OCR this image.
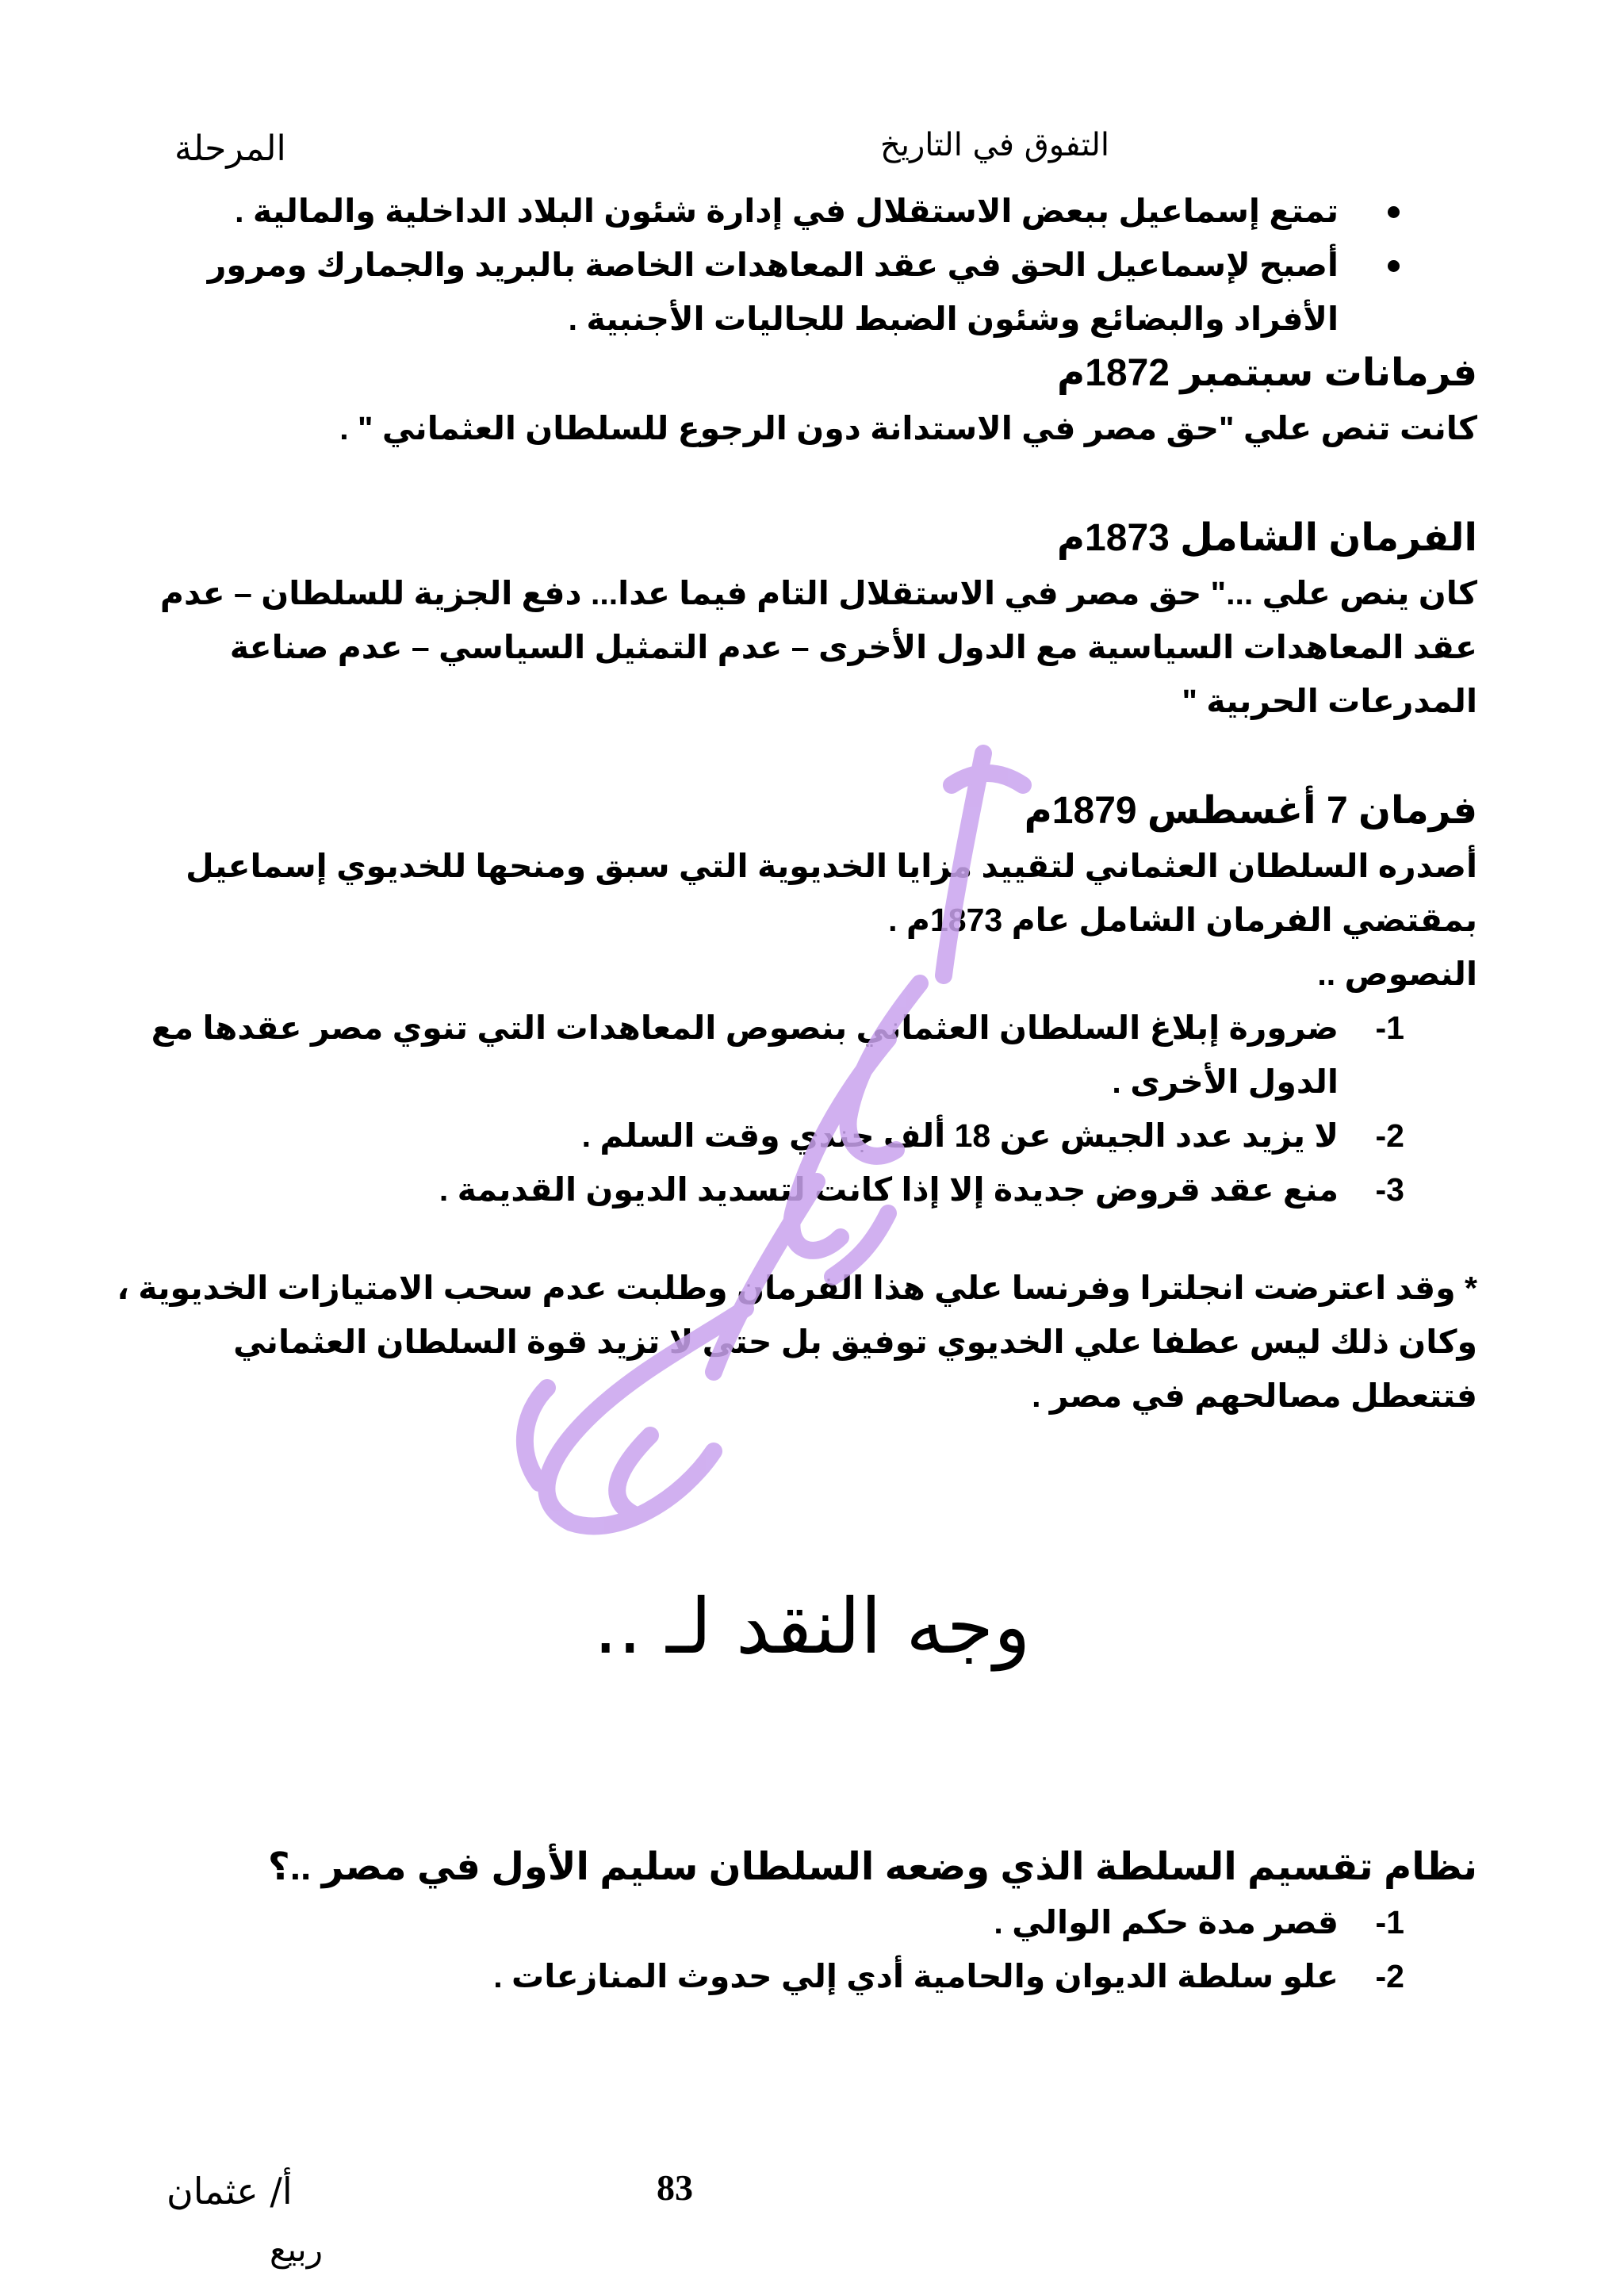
المرحلة	التفوق في التاريخ
تمتع إسماعيل ببعض الاستقلال في إدارة شئون البلاد الداخلية والمالية .
أصبح لإسماعيل الحق في عقد المعاهدات الخاصة بالبريد والجمارك ومرور الأفراد والبضائع وشئون الضبط للجاليات الأجنبية .

فرمانات سبتمبر 1872م

كانت تنص علي "حق مصر في الاستدانة دون الرجوع للسلطان العثماني " .

الفرمان الشامل 1873م

كان ينص علي ..." حق مصر في الاستقلال التام فيما عدا... دفع الجزية للسلطان – عدم عقد المعاهدات السياسية مع الدول الأخرى – عدم التمثيل السياسي – عدم صناعة المدرعات الحربية "

فرمان 7 أغسطس 1879م

أصدره السلطان العثماني لتقييد مزايا الخديوية التي سبق ومنحها للخديوي إسماعيل بمقتضي الفرمان الشامل عام 1873م .

النصوص ..

-1
ضرورة إبلاغ السلطان العثماني بنصوص المعاهدات التي تنوي مصر عقدها مع الدول الأخرى .
-2
لا يزيد عدد الجيش عن 18 ألف جندي وقت السلم .
-3
منع عقد قروض جديدة إلا إذا كانت لتسديد الديون القديمة .

* وقد اعترضت انجلترا وفرنسا علي هذا الفرمان وطلبت عدم سحب الامتيازات الخديوية ، وكان ذلك ليس عطفا علي الخديوي توفيق بل حتى لا تزيد قوة السلطان العثماني فتتعطل مصالحهم في مصر .

وجه النقد لـ ..

نظام تقسيم السلطة الذي وضعه السلطان سليم الأول في مصر ..؟

-1
قصر مدة حكم الوالي .
-2
علو سلطة الديوان والحامية أدي إلي حدوث المنازعات .
83
أ/ عثمان
ربيع
